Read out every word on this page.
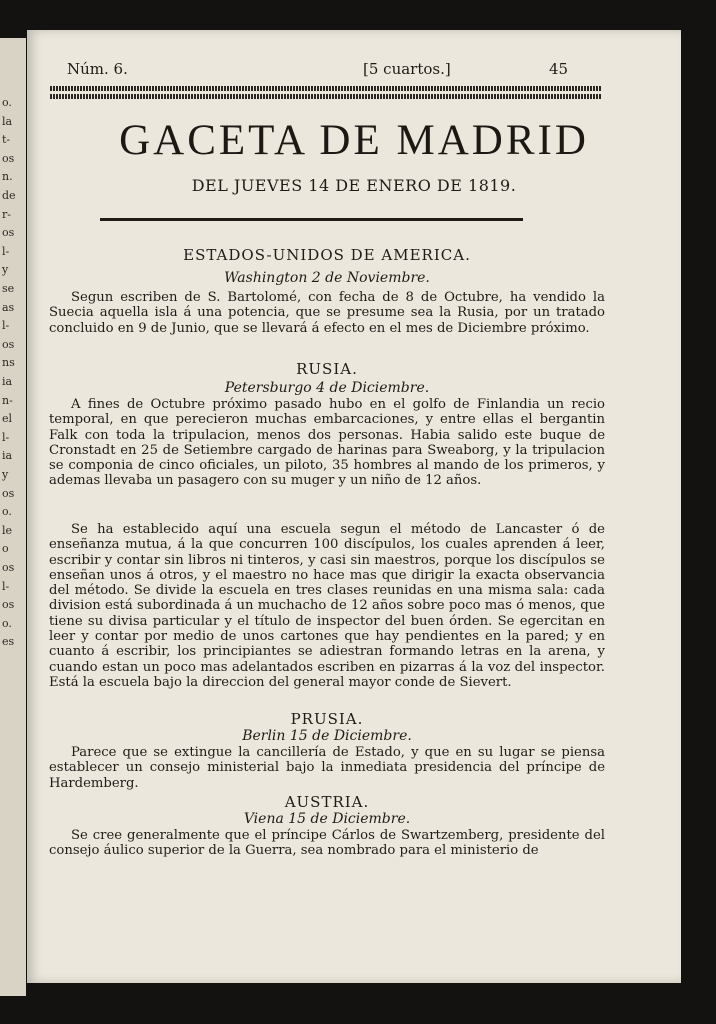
o.
la
t-
os
n.
de
r-
os
l-
y
se
as
l-
os
ns
ia
n-
el
l-
ia
y
os
o.
le
o
os
l-
os
o.
es
Núm. 6.	[5 cuartos.]	45
GACETA DE MADRID
DEL JUEVES 14 DE ENERO DE 1819.
ESTADOS-UNIDOS DE AMERICA.
Washington 2 de Noviembre.

Segun escriben de S. Bartolomé, con fecha de 8 de Octubre, ha vendido la Suecia aquella isla á una potencia, que se presume sea la Rusia, por un tratado concluido en 9 de Junio, que se llevará á efecto en el mes de Diciembre próximo.

RUSIA.
Petersburgo 4 de Diciembre.

A fines de Octubre próximo pasado hubo en el golfo de Finlandia un recio temporal, en que perecieron muchas embarcaciones, y entre ellas el bergantin Falk con toda la tripulacion, menos dos personas. Habia salido este buque de Cronstadt en 25 de Setiembre cargado de harinas para Sweaborg, y la tripulacion se componia de cinco oficiales, un piloto, 35 hombres al mando de los primeros, y ademas llevaba un pasagero con su muger y un niño de 12 años.

Se ha establecido aquí una escuela segun el método de Lancaster ó de enseñanza mutua, á la que concurren 100 discípulos, los cuales aprenden á leer, escribir y contar sin libros ni tinteros, y casi sin maestros, porque los discípulos se enseñan unos á otros, y el maestro no hace mas que dirigir la exacta observancia del método. Se divide la escuela en tres clases reunidas en una misma sala: cada division está subordinada á un muchacho de 12 años sobre poco mas ó menos, que tiene su divisa particular y el título de inspector del buen órden. Se egercitan en leer y contar por medio de unos cartones que hay pendientes en la pared; y en cuanto á escribir, los principiantes se adiestran formando letras en la arena, y cuando estan un poco mas adelantados escriben en pizarras á la voz del inspector. Está la escuela bajo la direccion del general mayor conde de Sievert.

PRUSIA.
Berlin 15 de Diciembre.

Parece que se extingue la cancillería de Estado, y que en su lugar se piensa establecer un consejo ministerial bajo la inmediata presidencia del príncipe de Hardemberg.

AUSTRIA.
Viena 15 de Diciembre.

Se cree generalmente que el príncipe Cárlos de Swartzemberg, presidente del consejo áulico superior de la Guerra, sea nombrado para el ministerio de
